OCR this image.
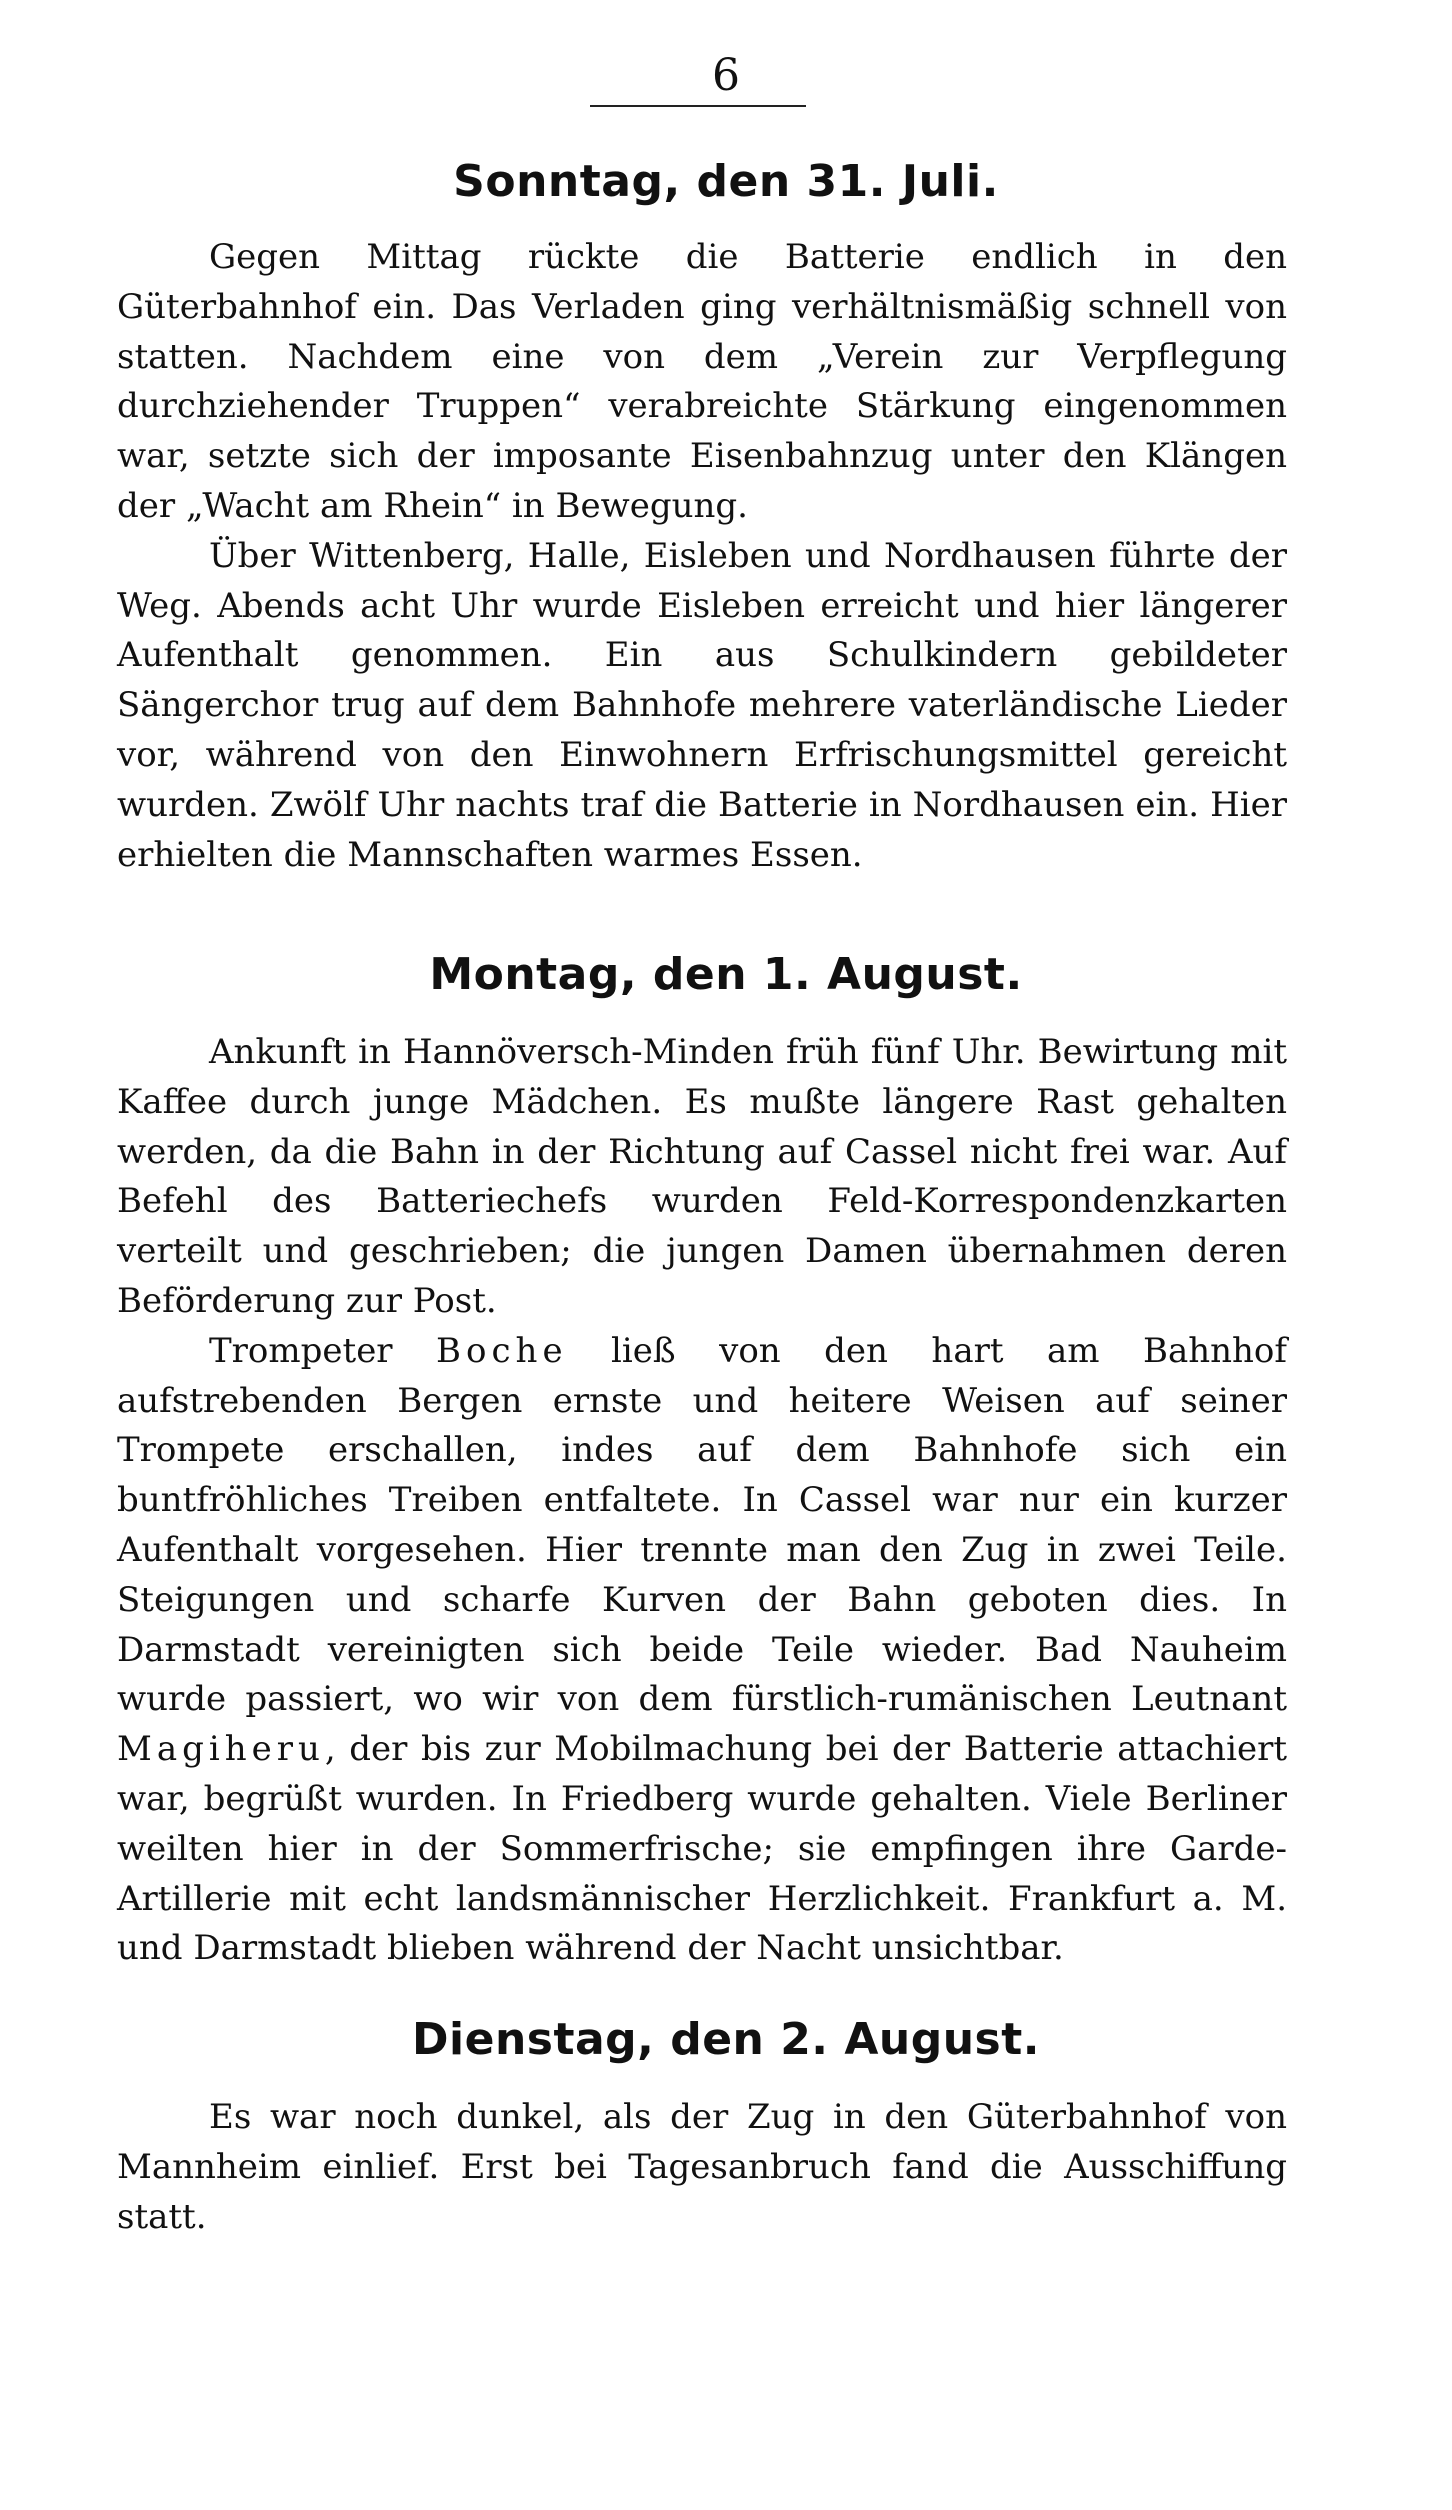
6
Sonntag, den 31. Juli.

Gegen Mittag rückte die Batterie endlich in den Güterbahnhof ein. Das Verladen ging verhältnismäßig schnell von statten. Nachdem eine von dem „Verein zur Verpflegung durchziehender Truppen“ verabreichte Stärkung eingenommen war, setzte sich der imposante Eisenbahnzug unter den Klängen der „Wacht am Rhein“ in Bewegung.

Über Wittenberg, Halle, Eisleben und Nordhausen führte der Weg. Abends acht Uhr wurde Eisleben erreicht und hier längerer Aufenthalt genommen. Ein aus Schulkindern gebildeter Sängerchor trug auf dem Bahnhofe mehrere vaterländische Lieder vor, während von den Einwohnern Erfrischungsmittel gereicht wurden. Zwölf Uhr nachts traf die Batterie in Nordhausen ein. Hier erhielten die Mannschaften warmes Essen.

Montag, den 1. August.

Ankunft in Hannöversch-Minden früh fünf Uhr. Bewirtung mit Kaffee durch junge Mädchen. Es mußte längere Rast gehalten werden, da die Bahn in der Richtung auf Cassel nicht frei war. Auf Befehl des Batteriechefs wurden Feld-Korrespondenzkarten verteilt und geschrieben; die jungen Damen übernahmen deren Beförderung zur Post.

Trompeter Boche ließ von den hart am Bahnhof aufstrebenden Bergen ernste und heitere Weisen auf seiner Trompete erschallen, indes auf dem Bahnhofe sich ein buntfröhliches Treiben entfaltete. In Cassel war nur ein kurzer Aufenthalt vorgesehen. Hier trennte man den Zug in zwei Teile. Steigungen und scharfe Kurven der Bahn geboten dies. In Darmstadt vereinigten sich beide Teile wieder. Bad Nauheim wurde passiert, wo wir von dem fürstlich-rumänischen Leutnant Magiheru, der bis zur Mobilmachung bei der Batterie attachiert war, begrüßt wurden. In Friedberg wurde gehalten. Viele Berliner weilten hier in der Sommerfrische; sie empfingen ihre Garde-Artillerie mit echt landsmännischer Herzlichkeit. Frankfurt a. M. und Darmstadt blieben während der Nacht unsichtbar.

Dienstag, den 2. August.

Es war noch dunkel, als der Zug in den Güterbahnhof von Mannheim einlief. Erst bei Tagesanbruch fand die Ausschiffung statt.
